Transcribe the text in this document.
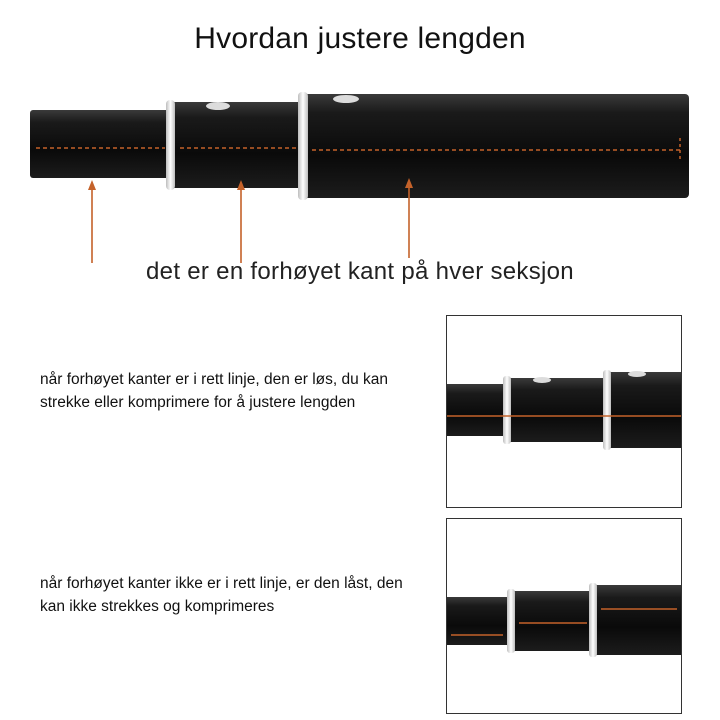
Hvordan justere lengden
det er en forhøyet kant på hver seksjon
når forhøyet kanter er i rett linje, den er løs, du kan strekke eller komprimere for å justere lengden
når forhøyet kanter ikke er i rett linje, er den låst, den kan ikke strekkes og komprimeres
